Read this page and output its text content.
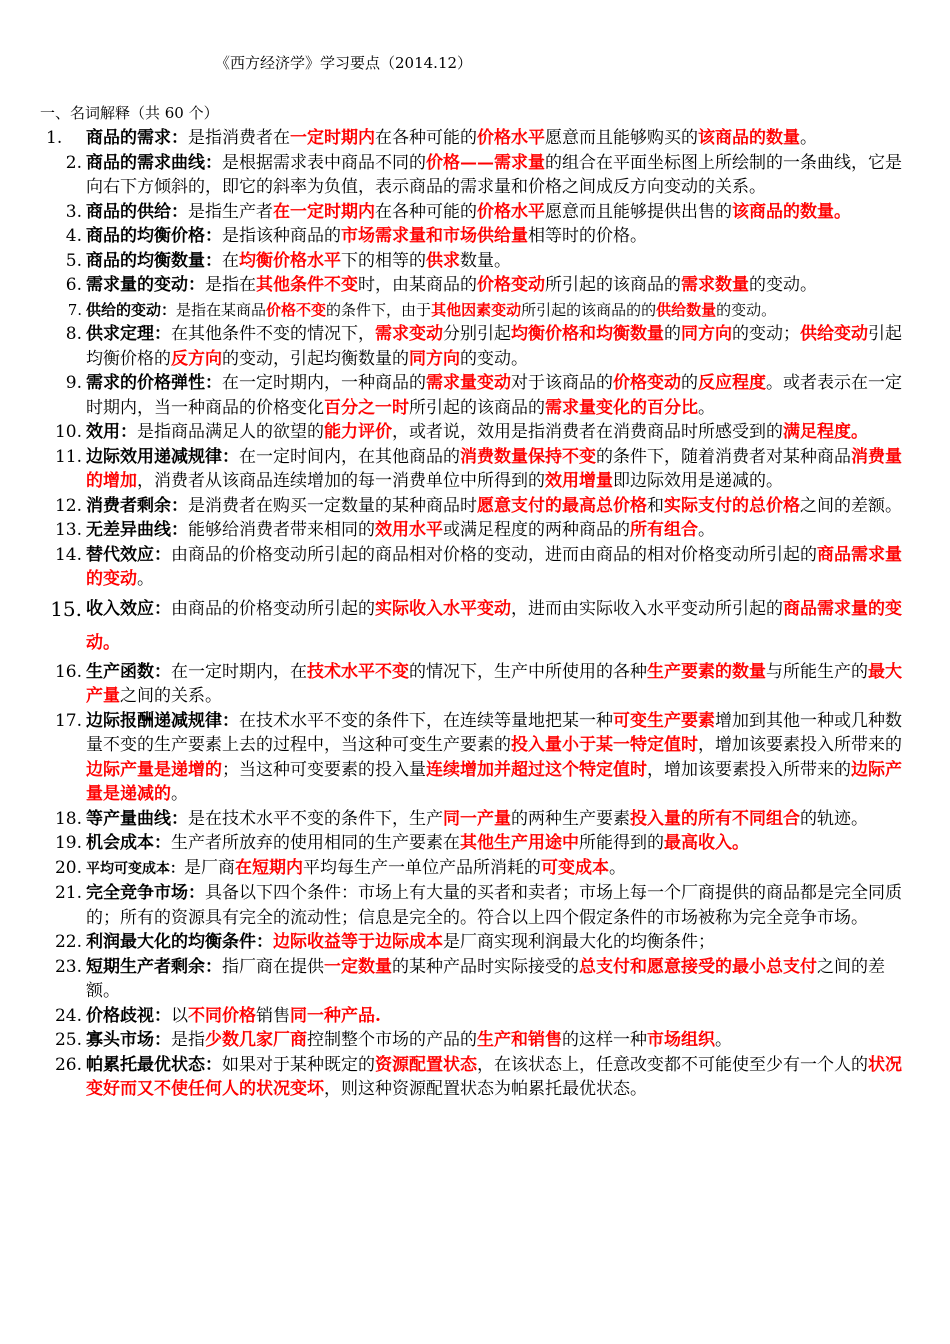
《西方经济学》学习要点（2014.12）
一、名词解释（共 60 个）
1.	商品的需求：是指消费者在一定时期内在各种可能的价格水平愿意而且能够购买的该商品的数量。
2. 商品的需求曲线：是根据需求表中商品不同的价格——需求量的组合在平面坐标图上所绘制的一条曲线，它是向右下方倾斜的，即它的斜率为负值，表示商品的需求量和价格之间成反方向变动的关系。
3. 商品的供给：是指生产者在一定时期内在各种可能的价格水平愿意而且能够提供出售的该商品的数量。
4. 商品的均衡价格：是指该种商品的市场需求量和市场供给量相等时的价格。
5. 商品的均衡数量：在均衡价格水平下的相等的供求数量。
6. 需求量的变动：是指在其他条件不变时，由某商品的价格变动所引起的该商品的需求数量的变动。
7. 供给的变动：是指在某商品价格不变的条件下，由于其他因素变动所引起的该商品的的供给数量的变动。
8. 供求定理：在其他条件不变的情况下，需求变动分别引起均衡价格和均衡数量的同方向的变动；供给变动引起均衡价格的反方向的变动，引起均衡数量的同方向的变动。
9. 需求的价格弹性：在一定时期内，一种商品的需求量变动对于该商品的价格变动的反应程度。或者表示在一定时期内，当一种商品的价格变化百分之一时所引起的该商品的需求量变化的百分比。
10. 效用：是指商品满足人的欲望的能力评价，或者说，效用是指消费者在消费商品时所感受到的满足程度。
11. 边际效用递减规律：在一定时间内，在其他商品的消费数量保持不变的条件下，随着消费者对某种商品消费量的增加，消费者从该商品连续增加的每一消费单位中所得到的效用增量即边际效用是递减的。
12. 消费者剩余：是消费者在购买一定数量的某种商品时愿意支付的最高总价格和实际支付的总价格之间的差额。
13. 无差异曲线：能够给消费者带来相同的效用水平或满足程度的两种商品的所有组合。
14. 替代效应：由商品的价格变动所引起的商品相对价格的变动，进而由商品的相对价格变动所引起的商品需求量的变动。
15. 收入效应：由商品的价格变动所引起的实际收入水平变动，进而由实际收入水平变动所引起的商品需求量的变动。
16. 生产函数：在一定时期内，在技术水平不变的情况下，生产中所使用的各种生产要素的数量与所能生产的最大产量之间的关系。
17. 边际报酬递减规律：在技术水平不变的条件下，在连续等量地把某一种可变生产要素增加到其他一种或几种数量不变的生产要素上去的过程中，当这种可变生产要素的投入量小于某一特定值时，增加该要素投入所带来的边际产量是递增的；当这种可变要素的投入量连续增加并超过这个特定值时，增加该要素投入所带来的边际产量是递减的。
18. 等产量曲线：是在技术水平不变的条件下，生产同一产量的两种生产要素投入量的所有不同组合的轨迹。
19. 机会成本：生产者所放弃的使用相同的生产要素在其他生产用途中所能得到的最高收入。
20. 平均可变成本：是厂商在短期内平均每生产一单位产品所消耗的可变成本。
21. 完全竞争市场：具备以下四个条件：市场上有大量的买者和卖者；市场上每一个厂商提供的商品都是完全同质的；所有的资源具有完全的流动性；信息是完全的。符合以上四个假定条件的市场被称为完全竞争市场。
22. 利润最大化的均衡条件：边际收益等于边际成本是厂商实现利润最大化的均衡条件；
23. 短期生产者剩余：指厂商在提供一定数量的某种产品时实际接受的总支付和愿意接受的最小总支付之间的差额。
24. 价格歧视：以不同价格销售同一种产品.
25. 寡头市场：是指少数几家厂商控制整个市场的产品的生产和销售的这样一种市场组织。
26. 帕累托最优状态：如果对于某种既定的资源配置状态，在该状态上，任意改变都不可能使至少有一个人的状况变好而又不使任何人的状况变坏，则这种资源配置状态为帕累托最优状态。
